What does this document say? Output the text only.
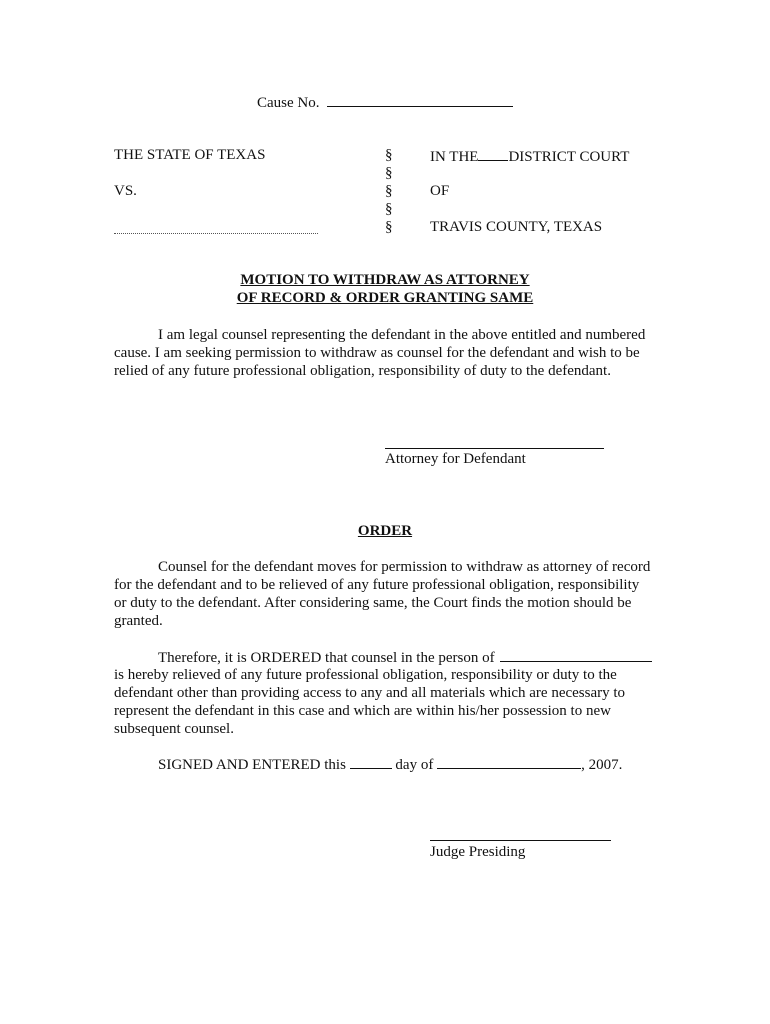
Cause No.
THE STATE OF TEXAS
VS.
§
§
§
§
§
IN THE DISTRICT COURT
OF
TRAVIS COUNTY, TEXAS
MOTION TO WITHDRAW AS ATTORNEY
OF RECORD & ORDER GRANTING SAME
I am legal counsel representing the defendant in the above entitled and numbered cause. I am seeking permission to withdraw as counsel for the defendant and wish to be relied of any future professional obligation, responsibility of duty to the defendant.
Attorney for Defendant
ORDER
Counsel for the defendant moves for permission to withdraw as attorney of record for the defendant and to be relieved of any future professional obligation, responsibility or duty to the defendant. After considering same, the Court finds the motion should be granted.
Therefore, it is ORDERED that counsel in the person of
is hereby relieved of any future professional obligation, responsibility or duty to the defendant other than providing access to any and all materials which are necessary to represent the defendant in this case and which are within his/her possession to new subsequent counsel.
SIGNED AND ENTERED this	day of	, 2007.
Judge Presiding
